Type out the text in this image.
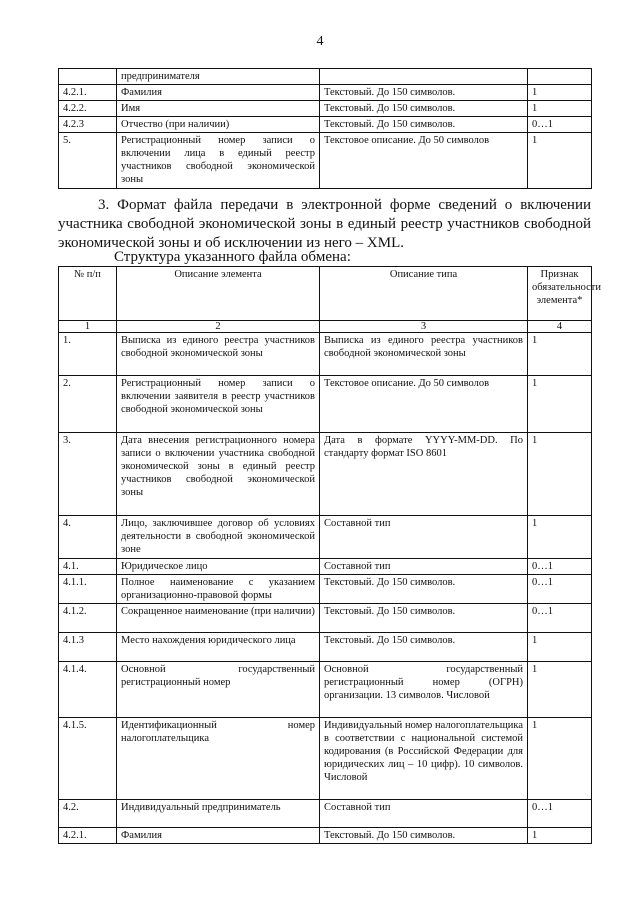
4
	предпринимателя		
4.2.1.	Фамилия	Текстовый. До 150 символов.	1
4.2.2.	Имя	Текстовый. До 150 символов.	1
4.2.3	Отчество (при наличии)	Текстовый. До 150 символов.	0…1
5.	Регистрационный номер записи о включении лица в единый реестр участников свободной экономической зоны	Текстовое описание. До 50 символов	1
3. Формат файла передачи в электронной форме сведений о включении участника свободной экономической зоны в единый реестр участников свободной экономической зоны и об исключении из него – XML.
Структура указанного файла обмена:
№ п/п	Описание элемента	Описание типа	Признак обязательности элемента*
1	2	3	4
1.	Выписка из единого реестра участников свободной экономической зоны	Выписка из единого реестра участников свободной экономической зоны	1
2.	Регистрационный номер записи о включении заявителя в реестр участников свободной экономической зоны	Текстовое описание. До 50 символов	1
3.	Дата внесения регистрационного номера записи о включении участника свободной экономической зоны в единый реестр участников свободной экономической зоны	Дата в формате YYYY-MM-DD. По стандарту формат ISO 8601	1
4.	Лицо, заключившее договор об условиях деятельности в свободной экономической зоне	Составной тип	1
4.1.	Юридическое лицо	Составной тип	0…1
4.1.1.	Полное наименование с указанием организационно-правовой формы	Текстовый. До 150 символов.	0…1
4.1.2.	Сокращенное наименование (при наличии)	Текстовый. До 150 символов.	0…1
4.1.3	Место нахождения юридического лица	Текстовый. До 150 символов.	1
4.1.4.	Основной государственный регистрационный номер	Основной государственный регистрационный номер (ОГРН) организации. 13 символов. Числовой	1
4.1.5.	Идентификационный номер налогоплательщика	Индивидуальный номер налогоплательщика в соответствии с национальной системой кодирования (в Российской Федерации для юридических лиц – 10 цифр). 10 символов. Числовой	1
4.2.	Индивидуальный предприниматель	Составной тип	0…1
4.2.1.	Фамилия	Текстовый. До 150 символов.	1
